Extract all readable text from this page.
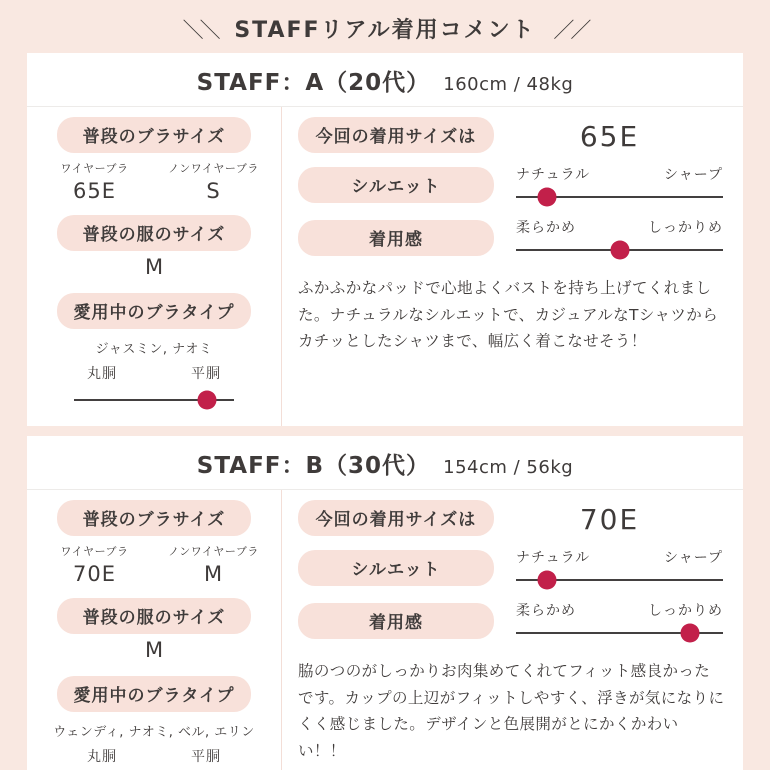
＼＼ STAFFリアル着用コメント ／／
STAFF：A（20代） 160cm / 48kg
普段のブラサイズ
ワイヤーブラ
65E
ノンワイヤーブラ
S
普段の服のサイズ
M
愛用中のブラタイプ
ジャスミン, ナオミ
丸胴	平胴
今回の着用サイズは	65E
シルエット
ナチュラル	シャープ
着用感
柔らかめ	しっかりめ
ふかふかなパッドで心地よくバストを持ち上げてくれました。ナチュラルなシルエットで、カジュアルなTシャツからカチッとしたシャツまで、幅広く着こなせそう！
STAFF：B（30代） 154cm / 56kg
普段のブラサイズ
ワイヤーブラ
70E
ノンワイヤーブラ
M
普段の服のサイズ
M
愛用中のブラタイプ
ウェンディ, ナオミ, ベル, エリン
丸胴	平胴
今回の着用サイズは	70E
シルエット
ナチュラル	シャープ
着用感
柔らかめ	しっかりめ
脇のつのがしっかりお肉集めてくれてフィット感良かったです。カップの上辺がフィットしやすく、浮きが気になりにくく感じました。デザインと色展開がとにかくかわいい！！
